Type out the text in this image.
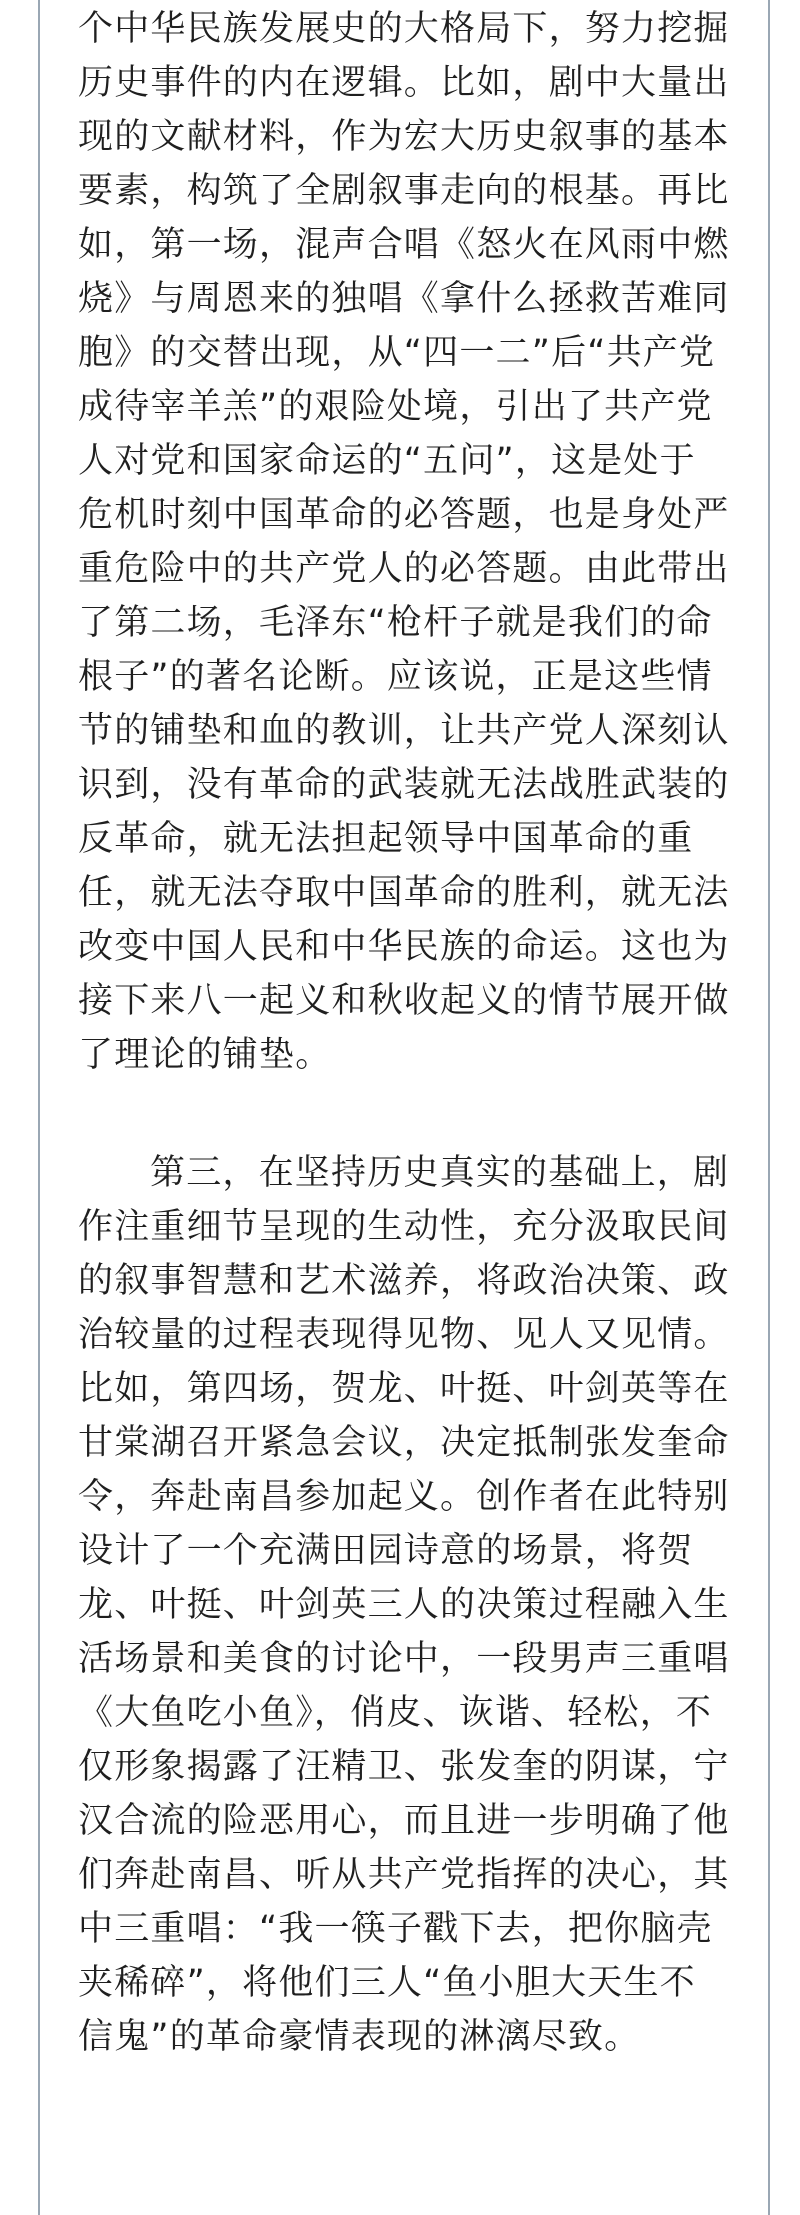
个中华民族发展史的大格局下，努力挖掘
历史事件的内在逻辑。比如，剧中大量出
现的文献材料，作为宏大历史叙事的基本
要素，构筑了全剧叙事走向的根基。再比
如，第一场，混声合唱《怒火在风雨中燃
烧》与周恩来的独唱《拿什么拯救苦难同
胞》的交替出现，从“四一二”后“共产党
成待宰羊羔”的艰险处境，引出了共产党
人对党和国家命运的“五问”，这是处于
危机时刻中国革命的必答题，也是身处严
重危险中的共产党人的必答题。由此带出
了第二场，毛泽东“枪杆子就是我们的命
根子”的著名论断。应该说，正是这些情
节的铺垫和血的教训，让共产党人深刻认
识到，没有革命的武装就无法战胜武装的
反革命，就无法担起领导中国革命的重
任，就无法夺取中国革命的胜利，就无法
改变中国人民和中华民族的命运。这也为
接下来八一起义和秋收起义的情节展开做
了理论的铺垫。
第三，在坚持历史真实的基础上，剧
作注重细节呈现的生动性，充分汲取民间
的叙事智慧和艺术滋养，将政治决策、政
治较量的过程表现得见物、见人又见情。
比如，第四场，贺龙、叶挺、叶剑英等在
甘棠湖召开紧急会议，决定抵制张发奎命
令，奔赴南昌参加起义。创作者在此特别
设计了一个充满田园诗意的场景，将贺
龙、叶挺、叶剑英三人的决策过程融入生
活场景和美食的讨论中，一段男声三重唱
《大鱼吃小鱼》，俏皮、诙谐、轻松，不
仅形象揭露了汪精卫、张发奎的阴谋，宁
汉合流的险恶用心，而且进一步明确了他
们奔赴南昌、听从共产党指挥的决心，其
中三重唱：“我一筷子戳下去，把你脑壳
夹稀碎”，将他们三人“鱼小胆大天生不
信鬼”的革命豪情表现的淋漓尽致。
